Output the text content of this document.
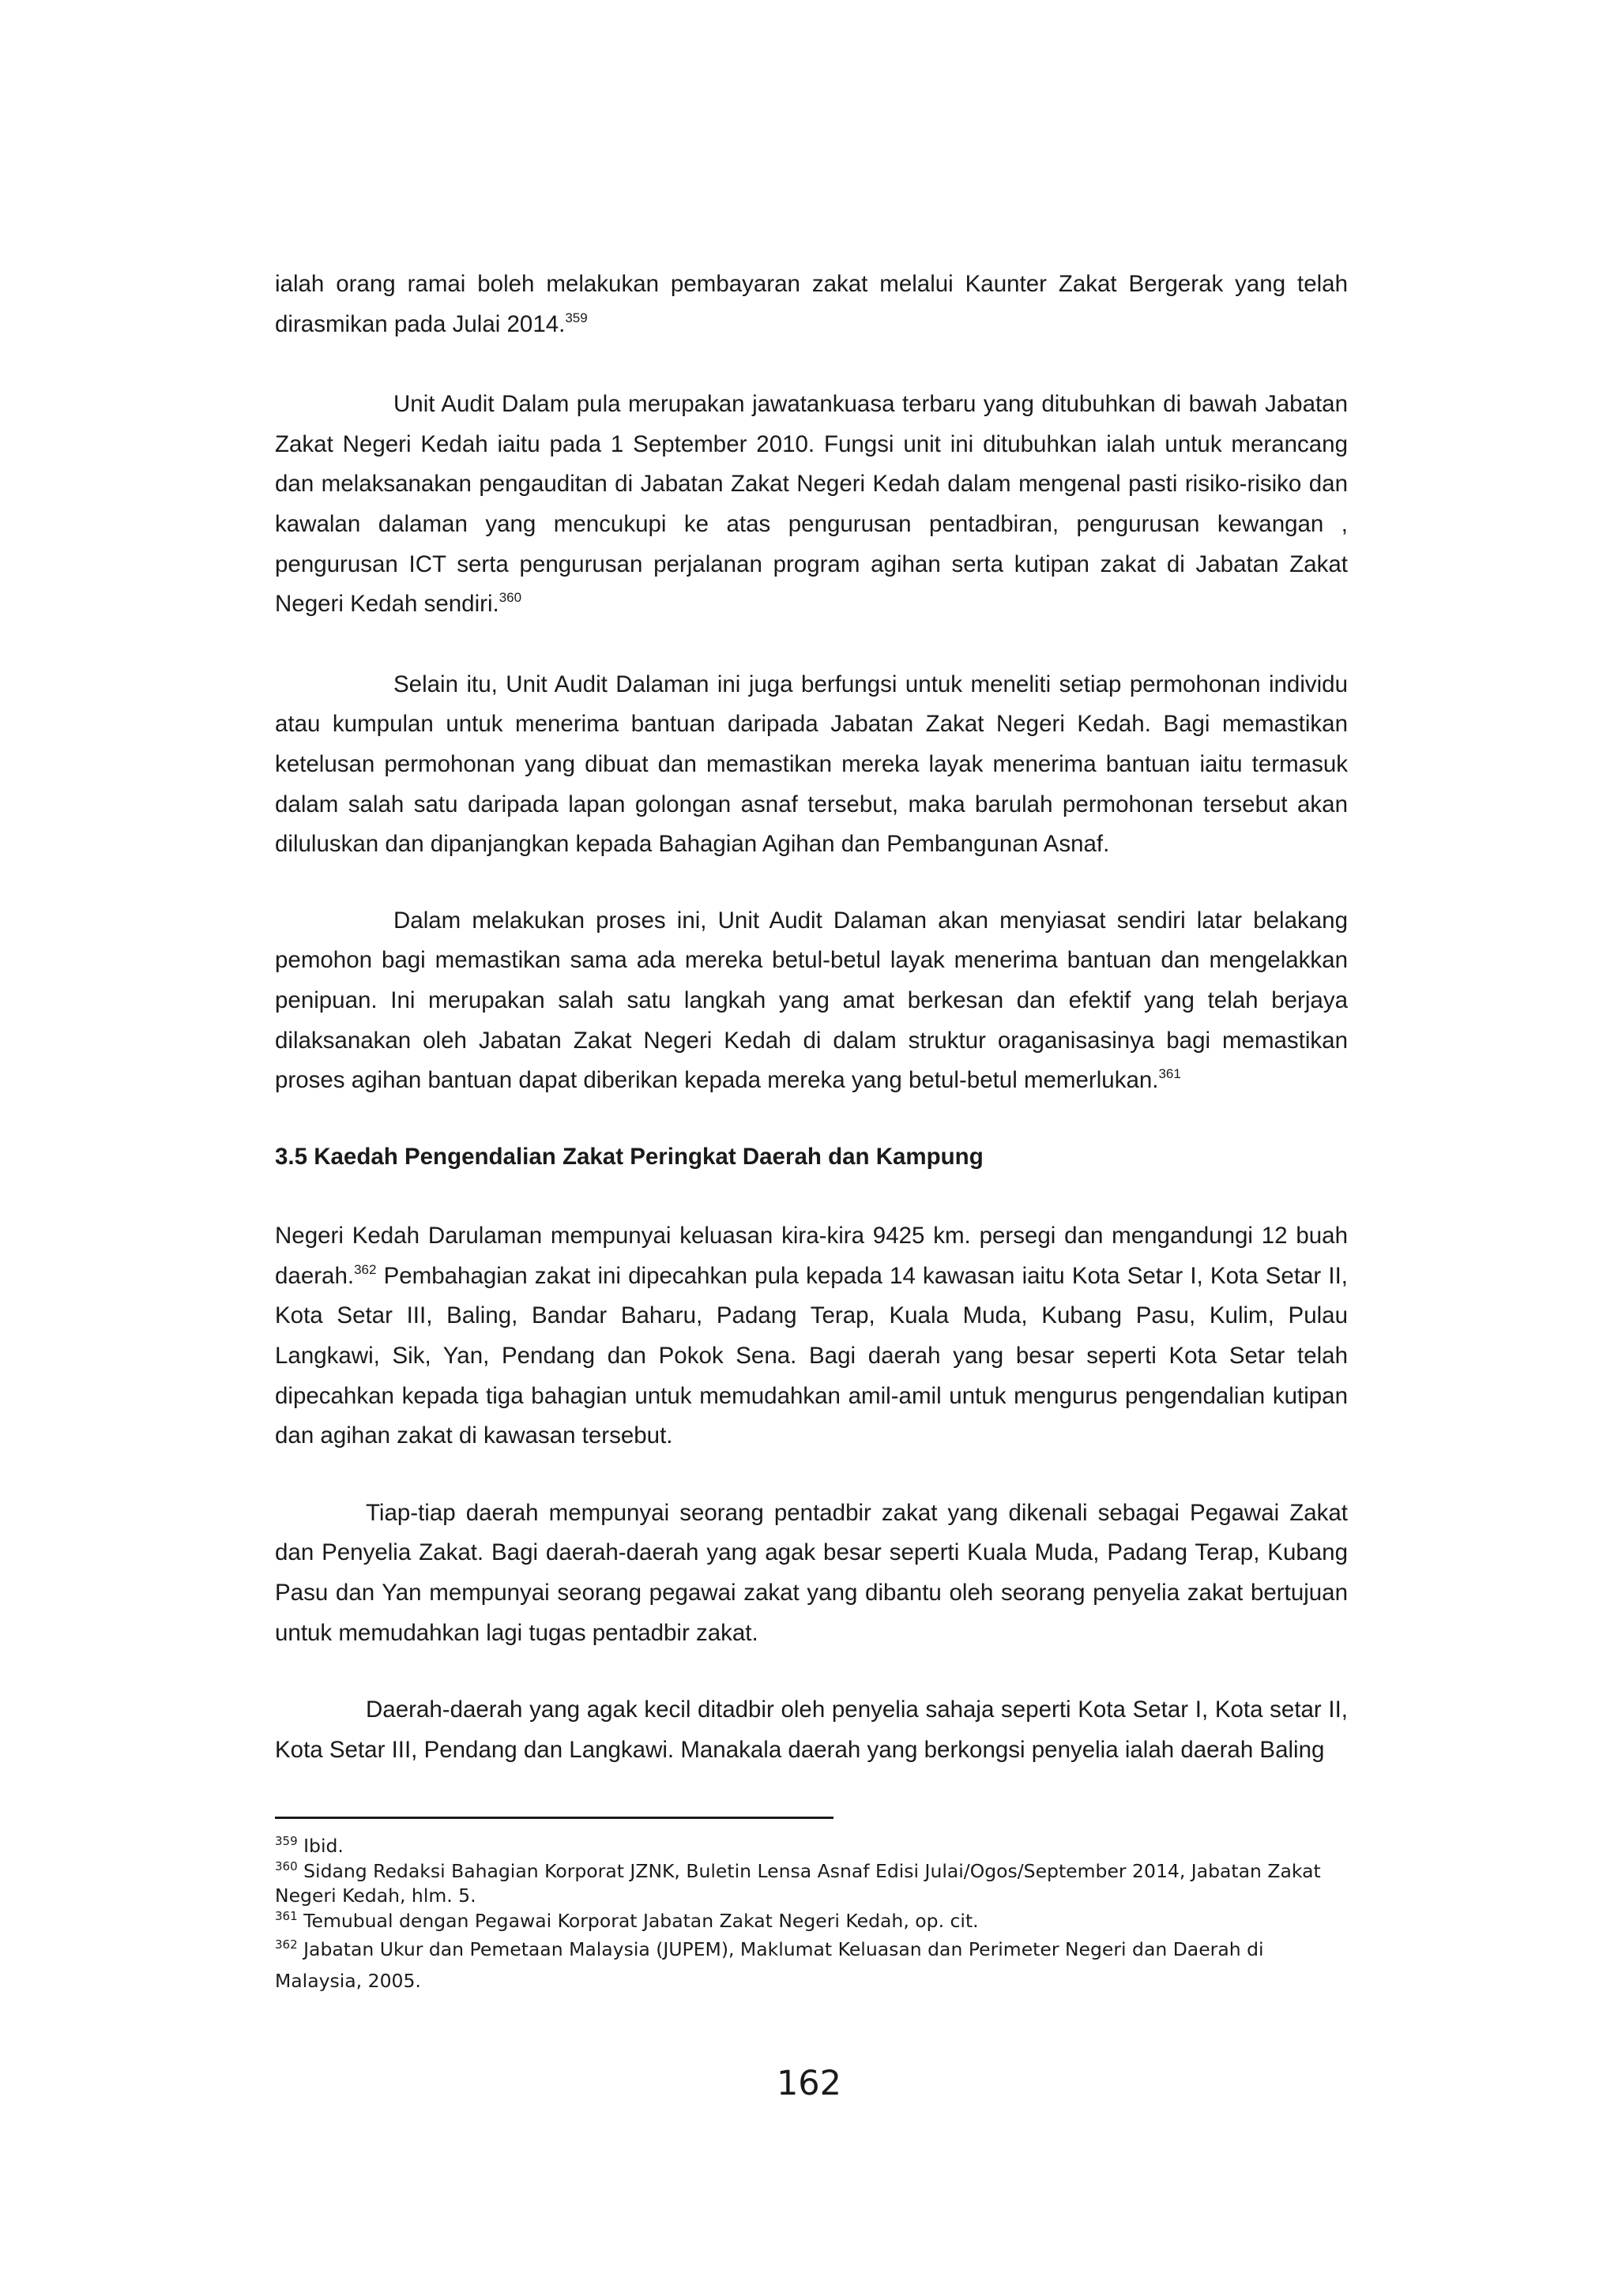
ialah orang ramai boleh melakukan pembayaran zakat melalui Kaunter Zakat Bergerak yang telah dirasmikan pada Julai 2014.$^{359}$

Unit Audit Dalam pula merupakan jawatankuasa terbaru yang ditubuhkan di bawah Jabatan Zakat Negeri Kedah iaitu pada 1 September 2010. Fungsi unit ini ditubuhkan ialah untuk merancang dan melaksanakan pengauditan di Jabatan Zakat Negeri Kedah dalam mengenal pasti risiko-risiko dan kawalan dalaman yang mencukupi ke atas pengurusan pentadbiran, pengurusan kewangan , pengurusan ICT serta pengurusan perjalanan program agihan serta kutipan zakat di Jabatan Zakat Negeri Kedah sendiri.$^{360}$

Selain itu, Unit Audit Dalaman ini juga berfungsi untuk meneliti setiap permohonan individu atau kumpulan untuk menerima bantuan daripada Jabatan Zakat Negeri Kedah. Bagi memastikan ketelusan permohonan yang dibuat dan memastikan mereka layak menerima bantuan iaitu termasuk dalam salah satu daripada lapan golongan asnaf tersebut, maka barulah permohonan tersebut akan diluluskan dan dipanjangkan kepada Bahagian Agihan dan Pembangunan Asnaf.

Dalam melakukan proses ini, Unit Audit Dalaman akan menyiasat sendiri latar belakang pemohon bagi memastikan sama ada mereka betul-betul layak menerima bantuan dan mengelakkan penipuan. Ini merupakan salah satu langkah yang amat berkesan dan efektif yang telah berjaya dilaksanakan oleh Jabatan Zakat Negeri Kedah di dalam struktur oraganisasinya bagi memastikan proses agihan bantuan dapat diberikan kepada mereka yang betul-betul memerlukan.$^{361}$

3.5 Kaedah Pengendalian Zakat Peringkat Daerah dan Kampung

Negeri Kedah Darulaman mempunyai keluasan kira-kira 9425 km. persegi dan mengandungi 12 buah daerah.$^{362}$ Pembahagian zakat ini dipecahkan pula kepada 14 kawasan iaitu Kota Setar I, Kota Setar II, Kota Setar III, Baling, Bandar Baharu, Padang Terap, Kuala Muda, Kubang Pasu, Kulim, Pulau Langkawi, Sik, Yan, Pendang dan Pokok Sena. Bagi daerah yang besar seperti Kota Setar telah dipecahkan kepada tiga bahagian untuk memudahkan amil-amil untuk mengurus pengendalian kutipan dan agihan zakat di kawasan tersebut.

Tiap-tiap daerah mempunyai seorang pentadbir zakat yang dikenali sebagai Pegawai Zakat dan Penyelia Zakat. Bagi daerah-daerah yang agak besar seperti Kuala Muda, Padang Terap, Kubang Pasu dan Yan mempunyai seorang pegawai zakat yang dibantu oleh seorang penyelia zakat bertujuan untuk memudahkan lagi tugas pentadbir zakat.

Daerah-daerah yang agak kecil ditadbir oleh penyelia sahaja seperti Kota Setar I, Kota setar II, Kota Setar III, Pendang dan Langkawi. Manakala daerah yang berkongsi penyelia ialah daerah Baling

$^{359}$ Ibid.

$^{360}$ Sidang Redaksi Bahagian Korporat JZNK, Buletin Lensa Asnaf Edisi Julai/Ogos/September 2014, Jabatan Zakat Negeri Kedah, hlm. 5.

$^{361}$ Temubual dengan Pegawai Korporat Jabatan Zakat Negeri Kedah, op. cit.

$^{362}$ Jabatan Ukur dan Pemetaan Malaysia (JUPEM), Maklumat Keluasan dan Perimeter Negeri dan Daerah di Malaysia, 2005.

162
